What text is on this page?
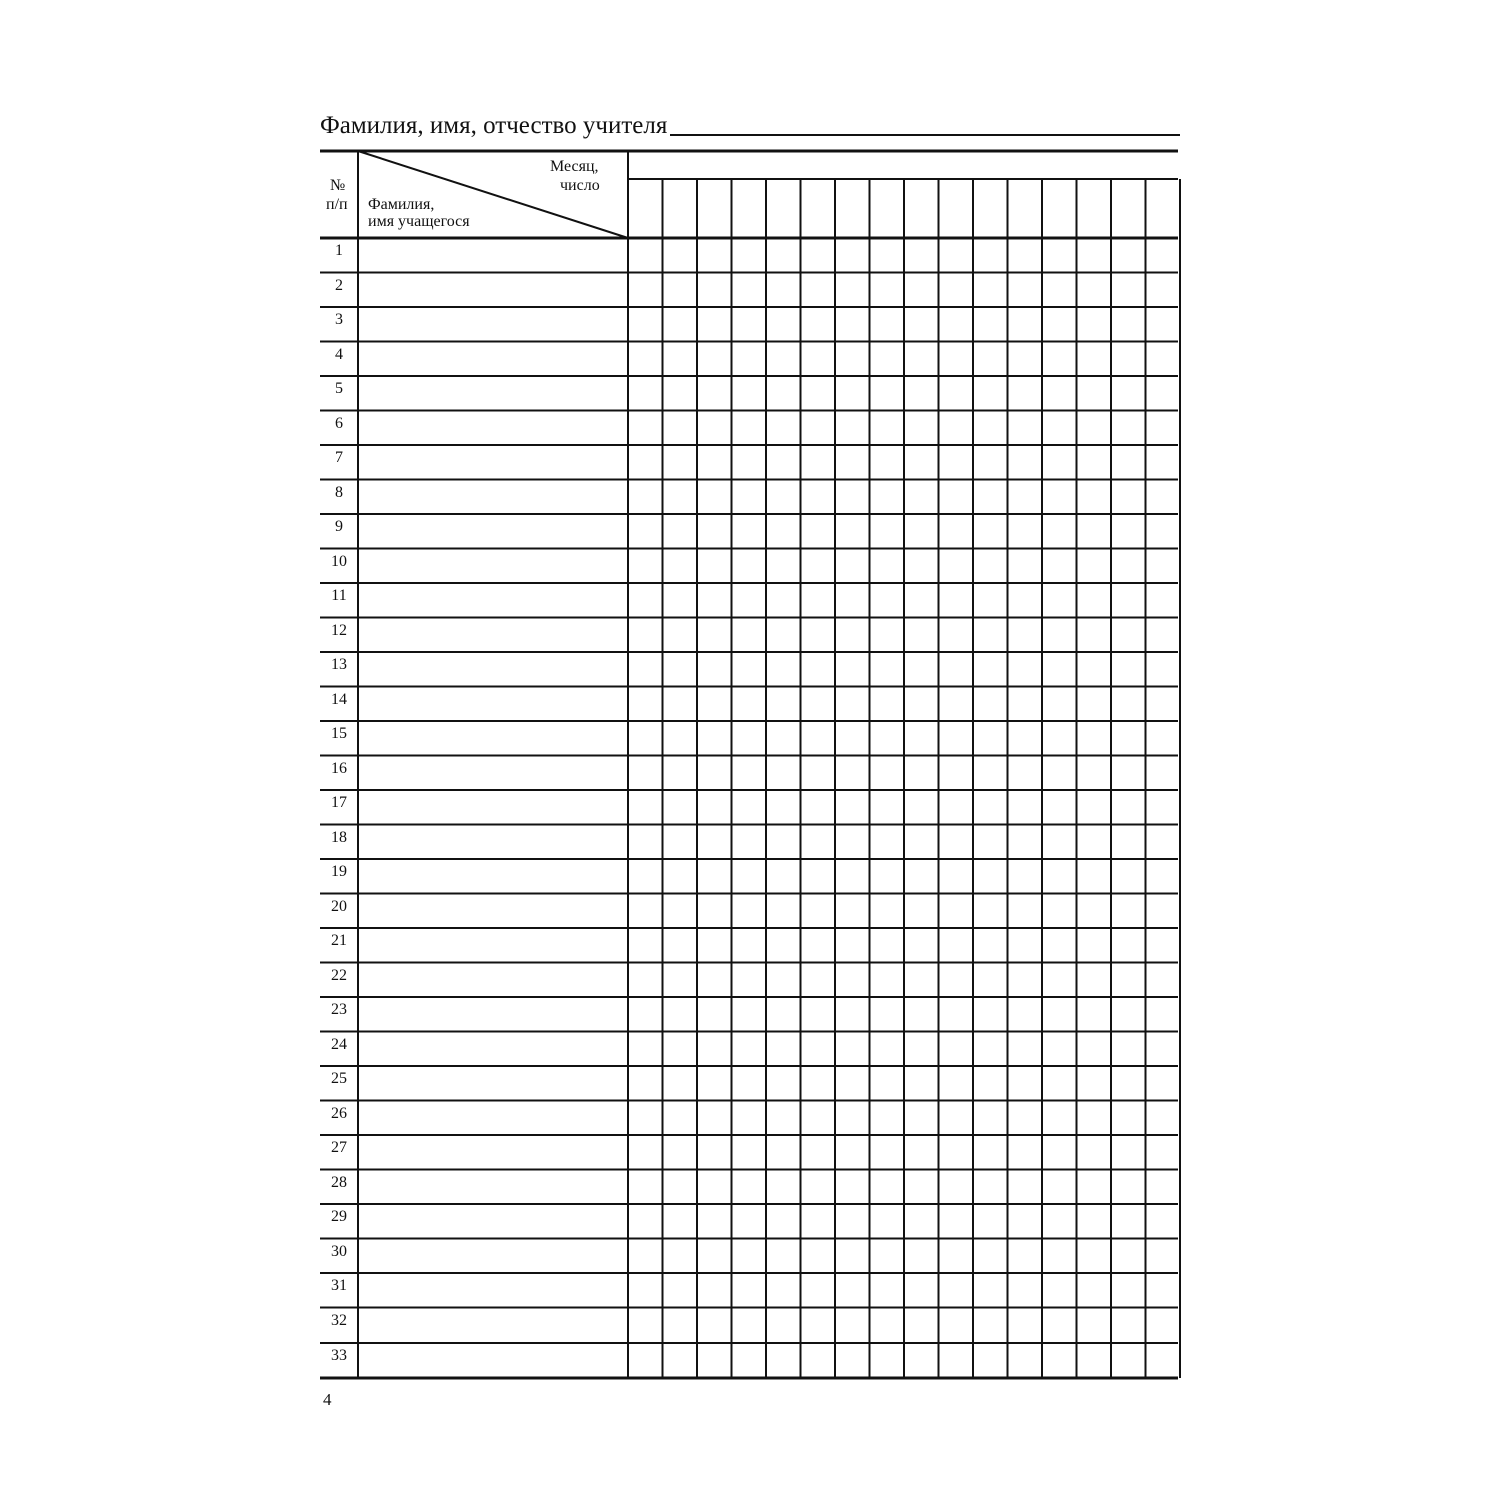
Фамилия, имя, отчество учителя
№
п/п
Месяц,
число
Фамилия,
имя учащегося
1
2
3
4
5
6
7
8
9
10
11
12
13
14
15
16
17
18
19
20
21
22
23
24
25
26
27
28
29
30
31
32
33
4
